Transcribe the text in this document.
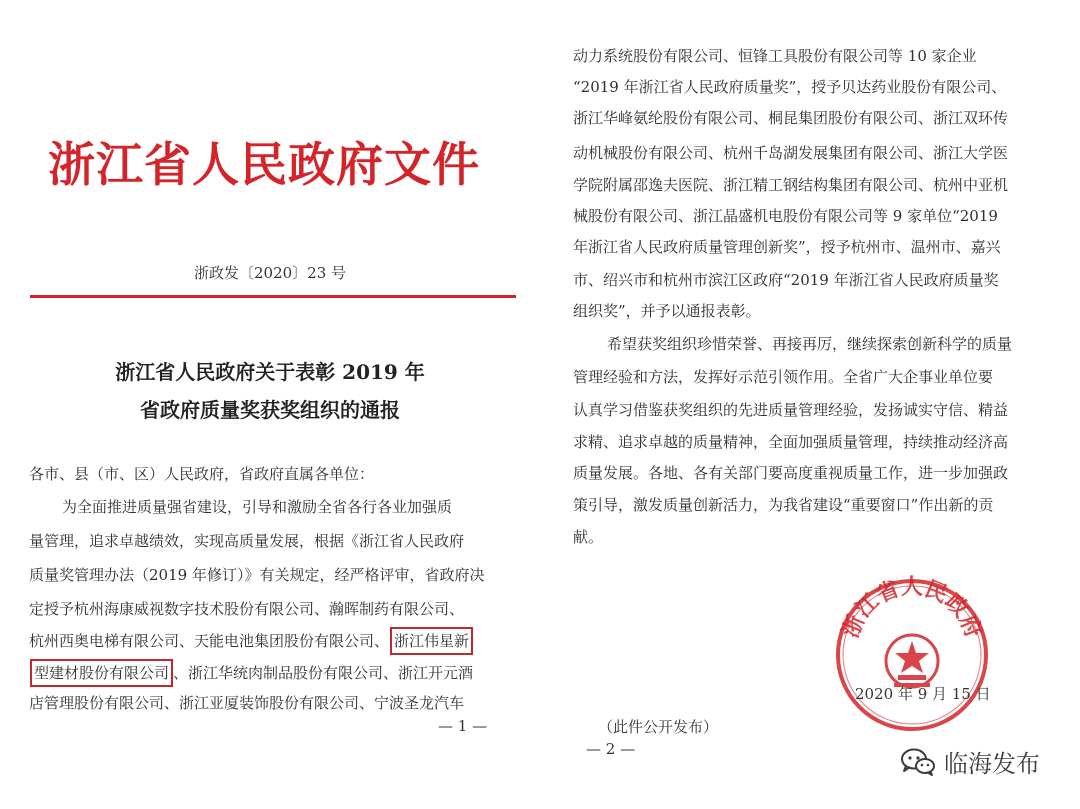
浙江省人民政府文件
浙政发〔2020〕23 号
浙江省人民政府关于表彰 2019 年
省政府质量奖获奖组织的通报
各市、县（市、区）人民政府，省政府直属各单位：
为全面推进质量强省建设，引导和激励全省各行各业加强质
量管理，追求卓越绩效，实现高质量发展，根据《浙江省人民政府
质量奖管理办法（2019 年修订）》有关规定，经严格评审，省政府决
定授予杭州海康威视数字技术股份有限公司、瀚晖制药有限公司、
杭州西奥电梯有限公司、天能电池集团股份有限公司、 浙江伟星新
型建材股份有限公司 、浙江华统肉制品股份有限公司、浙江开元酒
店管理股份有限公司、浙江亚厦装饰股份有限公司、宁波圣龙汽车
— 1 —
动力系统股份有限公司、恒锋工具股份有限公司等 10 家企业
“2019 年浙江省人民政府质量奖”，授予贝达药业股份有限公司、
浙江华峰氨纶股份有限公司、桐昆集团股份有限公司、浙江双环传
动机械股份有限公司、杭州千岛湖发展集团有限公司、浙江大学医
学院附属邵逸夫医院、浙江精工钢结构集团有限公司、杭州中亚机
械股份有限公司、浙江晶盛机电股份有限公司等 9 家单位“2019
年浙江省人民政府质量管理创新奖”，授予杭州市、温州市、嘉兴
市、绍兴市和杭州市滨江区政府“2019 年浙江省人民政府质量奖
组织奖”，并予以通报表彰。
希望获奖组织珍惜荣誉、再接再厉，继续探索创新科学的质量
管理经验和方法，发挥好示范引领作用。全省广大企事业单位要
认真学习借鉴获奖组织的先进质量管理经验，发扬诚实守信、精益
求精、追求卓越的质量精神，全面加强质量管理，持续推动经济高
质量发展。各地、各有关部门要高度重视质量工作，进一步加强政
策引导，激发质量创新活力，为我省建设“重要窗口”作出新的贡
献。
浙江省人民政府
2020 年 9 月 15 日
（此件公开发布）
— 2 —
临海发布
